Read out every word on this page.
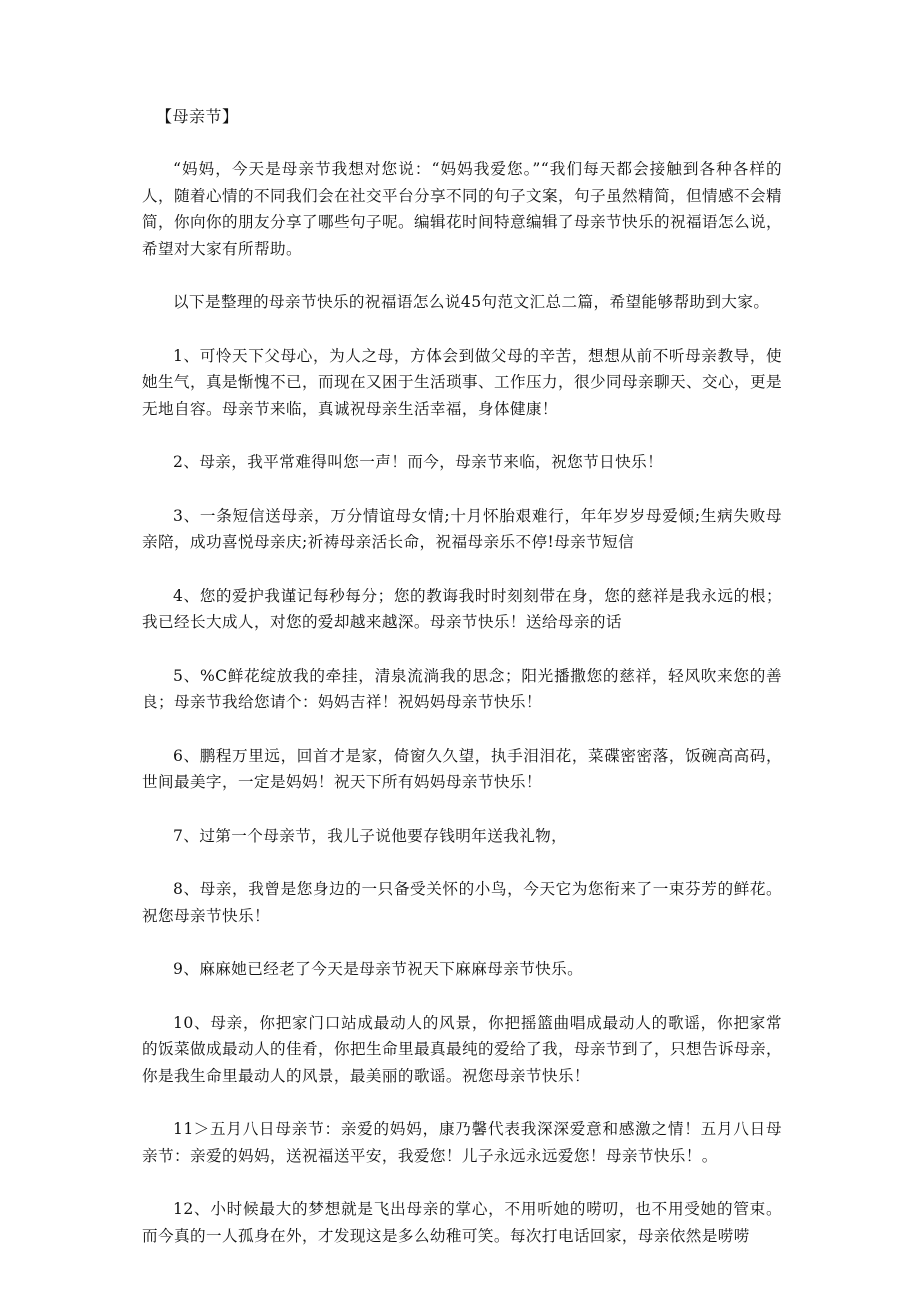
【母亲节】

“妈妈，今天是母亲节我想对您说：“妈妈我爱您。”“我们每天都会接触到各种各样的人，随着心情的不同我们会在社交平台分享不同的句子文案，句子虽然精简，但情感不会精简，你向你的朋友分享了哪些句子呢。编辑花时间特意编辑了母亲节快乐的祝福语怎么说，希望对大家有所帮助。

以下是整理的母亲节快乐的祝福语怎么说45句范文汇总二篇，希望能够帮助到大家。

1、可怜天下父母心，为人之母，方体会到做父母的辛苦，想想从前不听母亲教导，使她生气，真是惭愧不已，而现在又困于生活琐事、工作压力，很少同母亲聊天、交心，更是无地自容。母亲节来临，真诚祝母亲生活幸福，身体健康！

2、母亲，我平常难得叫您一声！而今，母亲节来临，祝您节日快乐！

3、一条短信送母亲，万分情谊母女情;十月怀胎艰难行，年年岁岁母爱倾;生病失败母亲陪，成功喜悦母亲庆;祈祷母亲活长命，祝福母亲乐不停!母亲节短信

4、您的爱护我谨记每秒每分；您的教诲我时时刻刻带在身，您的慈祥是我永远的根；我已经长大成人，对您的爱却越来越深。母亲节快乐！送给母亲的话

5、%C鲜花绽放我的牵挂，清泉流淌我的思念；阳光播撒您的慈祥，轻风吹来您的善良；母亲节我给您请个：妈妈吉祥！祝妈妈母亲节快乐！

6、鹏程万里远，回首才是家，倚窗久久望，执手泪泪花，菜碟密密落，饭碗高高码，世间最美字，一定是妈妈！祝天下所有妈妈母亲节快乐！

7、过第一个母亲节，我儿子说他要存钱明年送我礼物，

8、母亲，我曾是您身边的一只备受关怀的小鸟，今天它为您衔来了一束芬芳的鲜花。祝您母亲节快乐！

9、麻麻她已经老了今天是母亲节祝天下麻麻母亲节快乐。

10、母亲，你把家门口站成最动人的风景，你把摇篮曲唱成最动人的歌谣，你把家常的饭菜做成最动人的佳肴，你把生命里最真最纯的爱给了我，母亲节到了，只想告诉母亲，你是我生命里最动人的风景，最美丽的歌谣。祝您母亲节快乐！

11＞五月八日母亲节：亲爱的妈妈，康乃馨代表我深深爱意和感激之情！五月八日母亲节：亲爱的妈妈，送祝福送平安，我爱您！儿子永远永远爱您！母亲节快乐！。

12、小时候最大的梦想就是飞出母亲的掌心，不用听她的唠叨，也不用受她的管束。而今真的一人孤身在外，才发现这是多么幼稚可笑。每次打电话回家，母亲依然是唠唠
